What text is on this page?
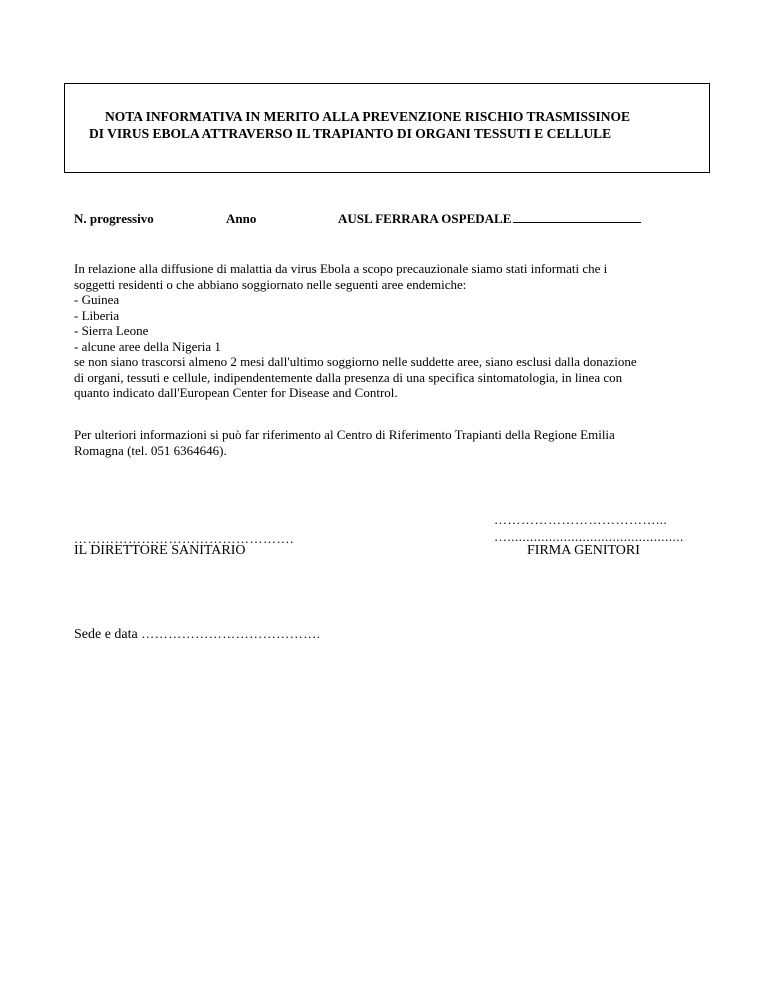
NOTA INFORMATIVA IN MERITO ALLA PREVENZIONE RISCHIO TRASMISSINOE
DI VIRUS EBOLA ATTRAVERSO IL TRAPIANTO DI ORGANI TESSUTI E CELLULE
N. progressivo	Anno	AUSL FERRARA OSPEDALE

In relazione alla diffusione di malattia da virus Ebola a scopo precauzionale siamo stati informati che i

soggetti residenti o che abbiano soggiornato nelle seguenti aree endemiche:

- Guinea
- Liberia
- Sierra Leone
- alcune aree della Nigeria 1

se non siano trascorsi almeno 2 mesi dall'ultimo soggiorno nelle suddette aree, siano esclusi dalla donazione

di organi, tessuti e cellule, indipendentemente dalla presenza di una specifica sintomatologia, in linea con

quanto indicato dall'European Center for Disease and Control.

Per ulteriori informazioni si può far riferimento al Centro di Riferimento Trapianti della Regione Emilia

Romagna (tel. 051 6364646).

………………………………………….
IL DIRETTORE SANITARIO
………………………………...
…...............................................
FIRMA GENITORI
Sede e data ………………………………….
